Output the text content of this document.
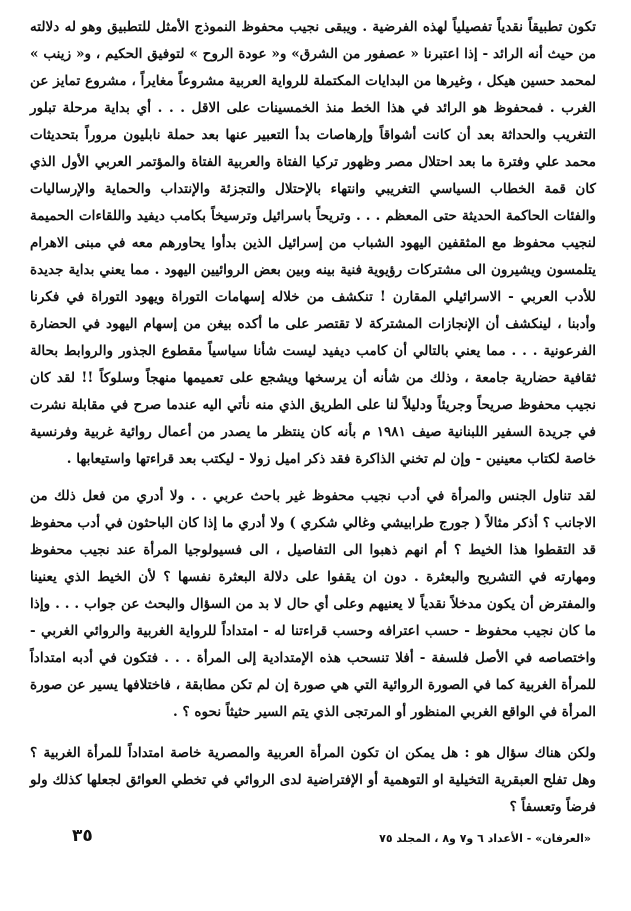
تكون تطبيقاً نقدياً تفصيلياً لهذه الفرضية . ويبقى نجيب محفوظ النموذج الأمثل للتطبيق وهو له دلالته من حيث أنه الرائد - إذا اعتبرنا « عصفور من الشرق» و« عودة الروح » لتوفيق الحكيم ، و« زينب » لمحمد حسين هيكل ، وغيرها من البدايات المكتملة للرواية العربية مشروعاً مغايراً ، مشروع تمايز عن الغرب . فمحفوظ هو الرائد في هذا الخط منذ الخمسينات على الاقل . . . أي بداية مرحلة تبلور التغريب والحداثة بعد أن كانت أشواقاً وإرهاصات بدأ التعبير عنها بعد حملة نابليون مروراً بتحديثات محمد علي وفترة ما بعد احتلال مصر وظهور تركيا الفتاة والعربية الفتاة والمؤتمر العربي الأول الذي كان قمة الخطاب السياسي التغريبي وانتهاء بالإحتلال والتجزئة والإنتداب والحماية والإرساليات والفئات الحاكمة الحديثة حتى المعظم . . . وتريحاً باسرائيل وترسيخاً بكامب ديفيد واللقاءات الحميمة لنجيب محفوظ مع المثقفين اليهود الشباب من إسرائيل الذين بدأوا يحاورهم معه في مبنى الاهرام يتلمسون ويشيرون الى مشتركات رؤيوية فنية بينه وبين بعض الروائيين اليهود . مما يعني بداية جديدة للأدب العربي - الاسرائيلي المقارن ! تنكشف من خلاله إسهامات التوراة ويهود التوراة في فكرنا وأدبنا ، لينكشف أن الإنجازات المشتركة لا تقتصر على ما أكده بيغن من إسهام اليهود في الحضارة الفرعونية . . . مما يعني بالتالي أن كامب ديفيد ليست شأنا سياسياً مقطوع الجذور والروابط بحالة ثقافية حضارية جامعة ، وذلك من شأنه أن يرسخها ويشجع على تعميمها منهجاً وسلوكاً !! لقد كان نجيب محفوظ صريحاً وجريئاً ودليلاً لنا على الطريق الذي منه نأتي اليه عندما صرح في مقابلة نشرت في جريدة السفير اللبنانية صيف ١٩٨١ م بأنه كان ينتظر ما يصدر من أعمال روائية غربية وفرنسية خاصة لكتاب معينين - وإن لم تخني الذاكرة فقد ذكر اميل زولا - ليكتب بعد قراءتها واستيعابها .

لقد تناول الجنس والمرأة في أدب نجيب محفوظ غير باحث عربي . . ولا أدري من فعل ذلك من الاجانب ؟ أذكر مثالاً ( جورج طرابيشي وغالي شكري ) ولا أدري ما إذا كان الباحثون في أدب محفوظ قد التقطوا هذا الخيط ؟ أم انهم ذهبوا الى التفاصيل ، الى فسيولوجيا المرأة عند نجيب محفوظ ومهارته في التشريح والبعثرة . دون ان يقفوا على دلالة البعثرة نفسها ؟ لأن الخيط الذي يعنينا والمفترض أن يكون مدخلاً نقدياً لا يعنيهم وعلى أي حال لا بد من السؤال والبحث عن جواب . . . وإذا ما كان نجيب محفوظ - حسب اعترافه وحسب قراءتنا له - امتداداً للرواية الغربية والروائي الغربي - واختصاصه في الأصل فلسفة - أفلا تنسحب هذه الإمتدادية إلى المرأة . . . فتكون في أدبه امتداداً للمرأة الغربية كما في الصورة الروائية التي هي صورة إن لم تكن مطابقة ، فاختلافها يسير عن صورة المرأة في الواقع الغربي المنظور أو المرتجى الذي يتم السير حثيثاً نحوه ؟ .

ولكن هناك سؤال هو : هل يمكن ان تكون المرأة العربية والمصرية خاصة امتداداً للمرأة الغربية ؟ وهل تفلح العبقرية التخيلية او التوهمية أو الإفتراضية لدى الروائي في تخطي العوائق لجعلها كذلك ولو فرضاً وتعسفاً ؟

«العرفان» - الأعداد ٦ و٧ و٨ ، المجلد ٧٥
٣٥
